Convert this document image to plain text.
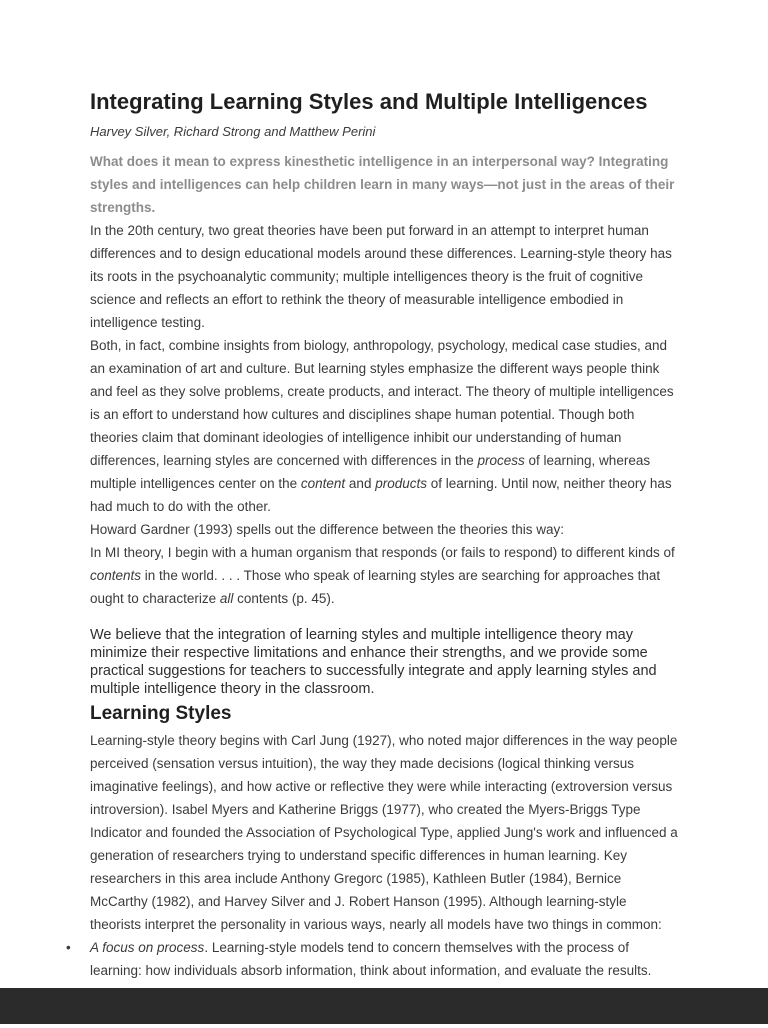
Integrating Learning Styles and Multiple Intelligences

Harvey Silver, Richard Strong and Matthew Perini

What does it mean to express kinesthetic intelligence in an interpersonal way? Integrating styles and intelligences can help children learn in many ways—not just in the areas of their strengths.

In the 20th century, two great theories have been put forward in an attempt to interpret human differences and to design educational models around these differences. Learning-style theory has its roots in the psychoanalytic community; multiple intelligences theory is the fruit of cognitive science and reflects an effort to rethink the theory of measurable intelligence embodied in intelligence testing.

Both, in fact, combine insights from biology, anthropology, psychology, medical case studies, and an examination of art and culture. But learning styles emphasize the different ways people think and feel as they solve problems, create products, and interact. The theory of multiple intelligences is an effort to understand how cultures and disciplines shape human potential. Though both theories claim that dominant ideologies of intelligence inhibit our understanding of human differences, learning styles are concerned with differences in the process of learning, whereas multiple intelligences center on the content and products of learning. Until now, neither theory has had much to do with the other.

Howard Gardner (1993) spells out the difference between the theories this way:

In MI theory, I begin with a human organism that responds (or fails to respond) to different kinds of contents in the world. . . . Those who speak of learning styles are searching for approaches that ought to characterize all contents (p. 45).

We believe that the integration of learning styles and multiple intelligence theory may minimize their respective limitations and enhance their strengths, and we provide some practical suggestions for teachers to successfully integrate and apply learning styles and multiple intelligence theory in the classroom.

Learning Styles

Learning-style theory begins with Carl Jung (1927), who noted major differences in the way people perceived (sensation versus intuition), the way they made decisions (logical thinking versus imaginative feelings), and how active or reflective they were while interacting (extroversion versus introversion). Isabel Myers and Katherine Briggs (1977), who created the Myers-Briggs Type Indicator and founded the Association of Psychological Type, applied Jung's work and influenced a generation of researchers trying to understand specific differences in human learning. Key researchers in this area include Anthony Gregorc (1985), Kathleen Butler (1984), Bernice McCarthy (1982), and Harvey Silver and J. Robert Hanson (1995). Although learning-style theorists interpret the personality in various ways, nearly all models have two things in common:

• A focus on process. Learning-style models tend to concern themselves with the process of learning: how individuals absorb information, think about information, and evaluate the results.
